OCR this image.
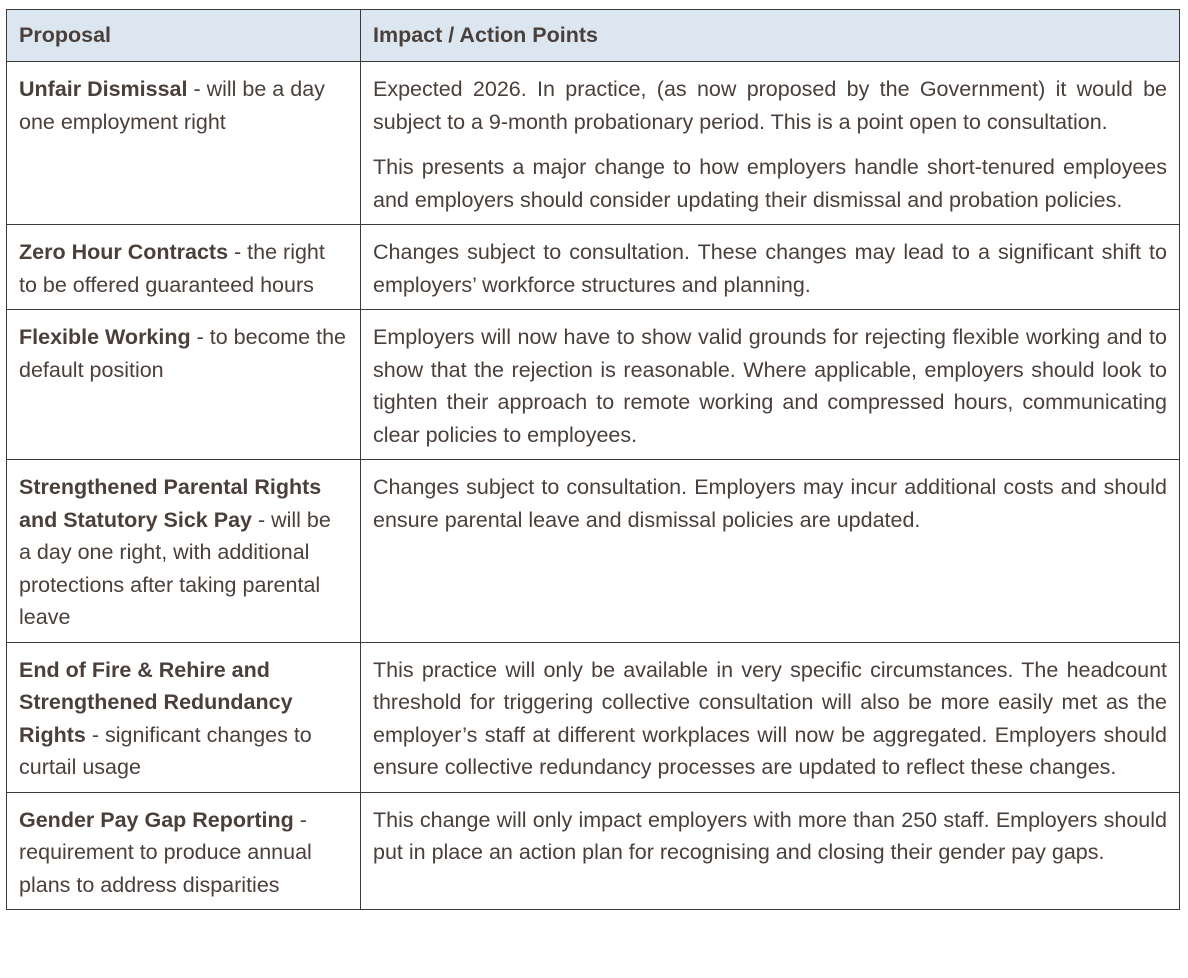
Proposal	Impact / Action Points
Unfair Dismissal - will be a day one employment right	Expected 2026. In practice, (as now proposed by the Government) it would be subject to a 9-month probationary period. This is a point open to consultation.

This presents a major change to how employers handle short-tenured employees and employers should consider updating their dismissal and probation policies.

Zero Hour Contracts - the right to be offered guaranteed hours	Changes subject to consultation. These changes may lead to a significant shift to employers’ workforce structures and planning.

Flexible Working - to become the default position	Employers will now have to show valid grounds for rejecting flexible working and to show that the rejection is reasonable. Where applicable, employers should look to tighten their approach to remote working and compressed hours, communicating clear policies to employees.

Strengthened Parental Rights and Statutory Sick Pay - will be a day one right, with additional protections after taking parental leave	Changes subject to consultation. Employers may incur additional costs and should ensure parental leave and dismissal policies are updated.

End of Fire & Rehire and Strengthened Redundancy Rights - significant changes to curtail usage	This practice will only be available in very specific circumstances. The headcount threshold for triggering collective consultation will also be more easily met as the employer’s staff at different workplaces will now be aggregated. Employers should ensure collective redundancy processes are updated to reflect these changes.

Gender Pay Gap Reporting - requirement to produce annual plans to address disparities	This change will only impact employers with more than 250 staff. Employers should put in place an action plan for recognising and closing their gender pay gaps.
